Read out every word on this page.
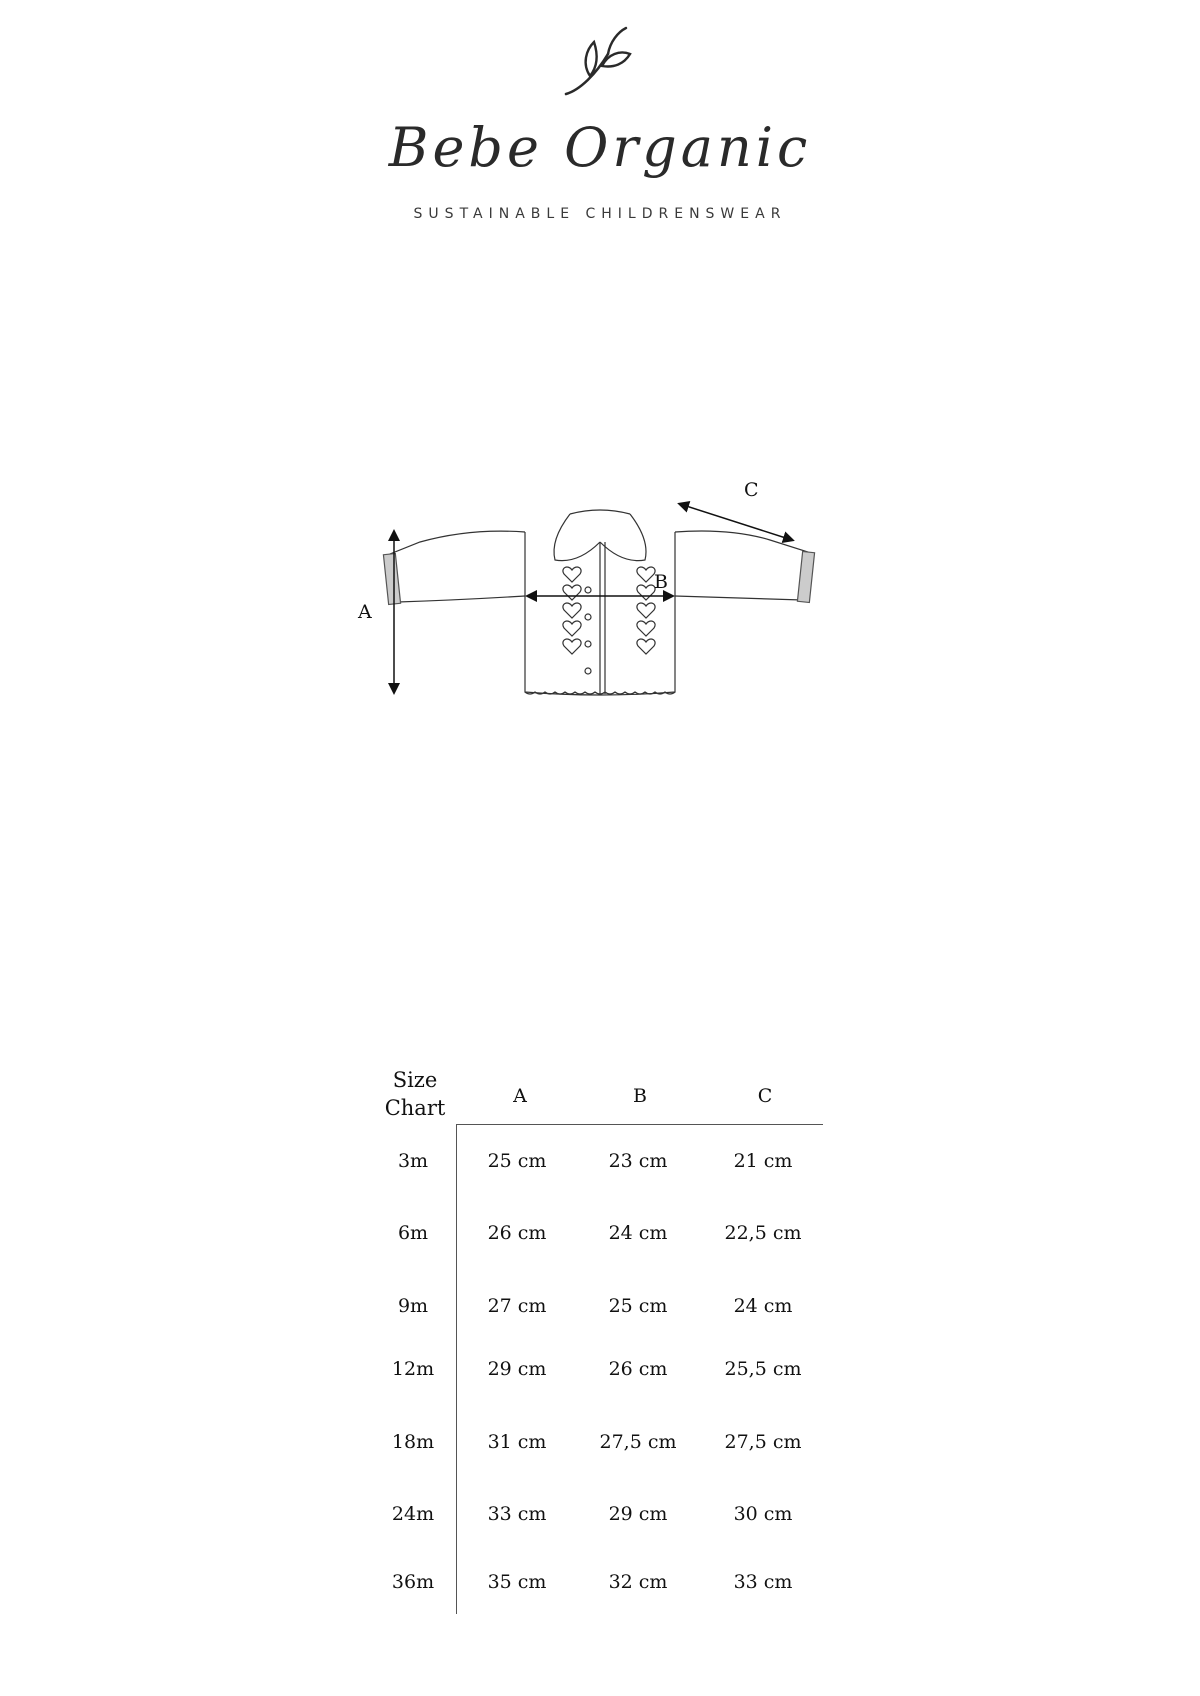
Bebe Organic
SUSTAINABLE CHILDRENSWEAR
A
B
C
Size Chart	A	B	C
3m	25 cm	23 cm	21 cm
6m	26 cm	24 cm	22,5 cm
9m	27 cm	25 cm	24 cm
12m	29 cm	26 cm	25,5 cm
18m	31 cm	27,5 cm	27,5 cm
24m	33 cm	29 cm	30 cm
36m	35 cm	32 cm	33 cm
